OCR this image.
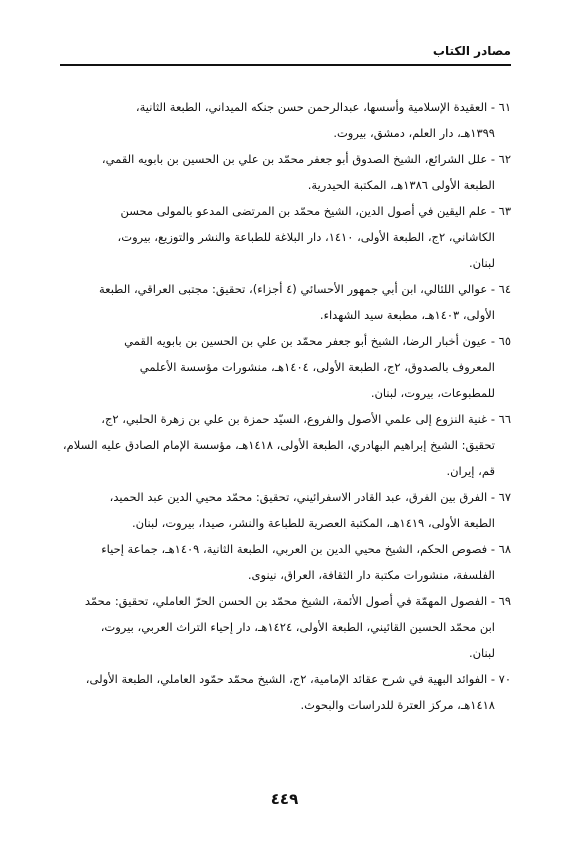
مصادر الكتاب
٦١ - العقيدة الإسلامية وأسسها، عبدالرحمن حسن جنكه الميداني، الطبعة الثانية،
١٣٩٩هـ، دار العلم، دمشق، بيروت.
٦٢ - علل الشرائع، الشيخ الصدوق أبو جعفر محمّد بن علي بن الحسين بن بابويه القمي،
الطبعة الأولى ١٣٨٦هـ، المكتبة الحيدرية.
٦٣ - علم اليقين في أصول الدين، الشيخ محمّد بن المرتضى المدعو بالمولى محسن
الكاشاني، ٢ج، الطبعة الأولى، ١٤١٠، دار البلاغة للطباعة والنشر والتوزيع، بيروت،
لبنان.
٦٤ - عوالي اللئالي، ابن أبي جمهور الأحسائي (٤ أجزاء)، تحقيق: مجتبى العراقي، الطبعة
الأولى، ١٤٠٣هـ، مطبعة سيد الشهداء.
٦٥ - عيون أخبار الرضا، الشيخ أبو جعفر محمّد بن علي بن الحسين بن بابويه القمي
المعروف بالصدوق، ٢ج، الطبعة الأولى، ١٤٠٤هـ، منشورات مؤسسة الأعلمي
للمطبوعات، بيروت، لبنان.
٦٦ - غنية النزوع إلى علمي الأصول والفروع، السيّد حمزة بن علي بن زهرة الحلبي، ٢ج،
تحقيق: الشيخ إبراهيم البهادري، الطبعة الأولى، ١٤١٨هـ، مؤسسة الإمام الصادق عليه السلام،
قم، إيران.
٦٧ - الفرق بين الفرق، عبد القادر الاسفرائيني، تحقيق: محمّد محيي الدين عبد الحميد،
الطبعة الأولى، ١٤١٩هـ، المكتبة العصرية للطباعة والنشر، صيدا، بيروت، لبنان.
٦٨ - فصوص الحكم، الشيخ محيي الدين بن العربي، الطبعة الثانية، ١٤٠٩هـ، جماعة إحياء
الفلسفة، منشورات مكتبة دار الثقافة، العراق، نينوى.
٦٩ - الفصول المهمّة في أصول الأئمة، الشيخ محمّد بن الحسن الحرّ العاملي، تحقيق: محمّد
ابن محمّد الحسين القائيني، الطبعة الأولى، ١٤٢٤هـ، دار إحياء التراث العربي، بيروت،
لبنان.
٧٠ - الفوائد البهية في شرح عقائد الإمامية، ٢ج، الشيخ محمّد حمّود العاملي، الطبعة الأولى،
١٤١٨هـ، مركز العترة للدراسات والبحوث.
٤٤٩
